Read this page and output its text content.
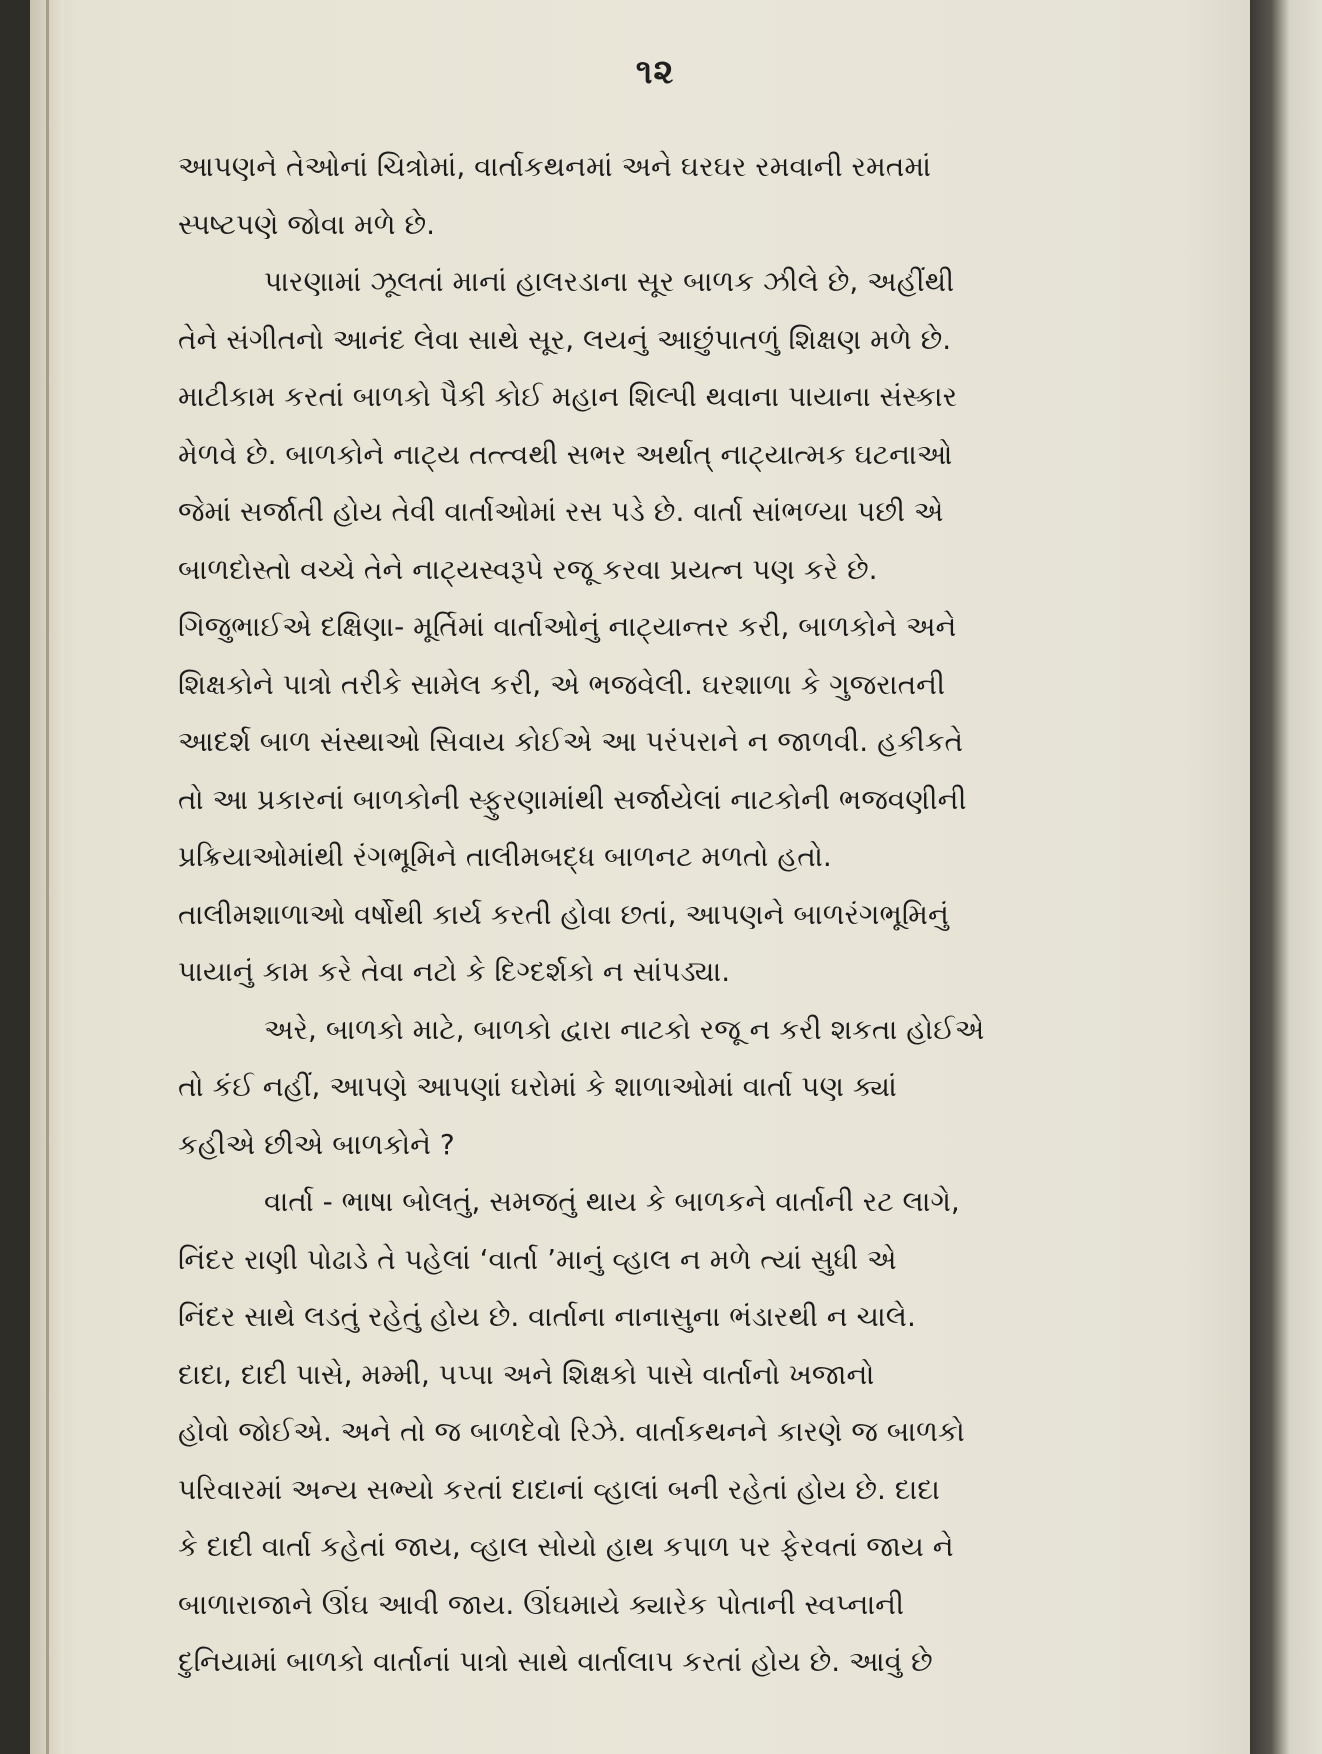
૧૨
આપણને તેઓનાં ચિત્રોમાં, વાર્તાકથનમાં અને ઘરઘર રમવાની રમતમાં
સ્પષ્ટપણે જોવા મળે છે.
પારણામાં ઝૂલતાં માનાં હાલરડાના સૂર બાળક ઝીલે છે, અહીંથી
તેને સંગીતનો આનંદ લેવા સાથે સૂર, લયનું આછુંપાતળું શિક્ષણ મળે છે.
માટીકામ કરતાં બાળકો પૈકી કોઈ મહાન શિલ્પી થવાના પાયાના સંસ્કાર
મેળવે છે. બાળકોને નાટ્ય તત્ત્વથી સભર અર્થાત્ નાટ્યાત્મક ઘટનાઓ
જેમાં સર્જાતી હોય તેવી વાર્તાઓમાં રસ પડે છે. વાર્તા સાંભળ્યા પછી એ
બાળદોસ્તો વચ્ચે તેને નાટ્યસ્વરૂપે રજૂ કરવા પ્રયત્ન પણ કરે છે.
ગિજુભાઈએ દક્ષિણા- મૂર્તિમાં વાર્તાઓનું નાટ્યાન્તર કરી, બાળકોને અને
શિક્ષકોને પાત્રો તરીકે સામેલ કરી, એ ભજવેલી. ઘરશાળા કે ગુજરાતની
આદર્શ બાળ સંસ્થાઓ સિવાય કોઈએ આ પરંપરાને ન જાળવી. હકીકતે
તો આ પ્રકારનાં બાળકોની સ્ફુરણામાંથી સર્જાયેલાં નાટકોની ભજવણીની
પ્રક્રિયાઓમાંથી રંગભૂમિને તાલીમબદ્ધ બાળનટ મળતો હતો.
તાલીમશાળાઓ વર્ષોથી કાર્ય કરતી હોવા છતાં, આપણને બાળરંગભૂમિનું
પાયાનું કામ કરે તેવા નટો કે દિગ્દર્શકો ન સાંપડ્યા.
અરે, બાળકો માટે, બાળકો દ્વારા નાટકો રજૂ ન કરી શકતા હોઈએ
તો કંઈ નહીં, આપણે આપણાં ઘરોમાં કે શાળાઓમાં વાર્તા પણ ક્યાં
કહીએ છીએ બાળકોને ?
વાર્તા - ભાષા બોલતું, સમજતું થાય કે બાળકને વાર્તાની રટ લાગે,
નિંદર રાણી પોઢાડે તે પહેલાં ‘વાર્તા ’માનું વ્હાલ ન મળે ત્યાં સુધી એ
નિંદર સાથે લડતું રહેતું હોય છે. વાર્તાના નાનાસુના ભંડારથી ન ચાલે.
દાદા, દાદી પાસે, મમ્મી, પપ્પા અને શિક્ષકો પાસે વાર્તાનો ખજાનો
હોવો જોઈએ. અને તો જ બાળદેવો રિઝે. વાર્તાકથનને કારણે જ બાળકો
પરિવારમાં અન્ય સભ્યો કરતાં દાદાનાં વ્હાલાં બની રહેતાં હોય છે. દાદા
કે દાદી વાર્તા કહેતાં જાય, વ્હાલ સોયો હાથ કપાળ પર ફેરવતાં જાય ને
બાળારાજાને ઊંઘ આવી જાય. ઊંઘમાયે ક્યારેક પોતાની સ્વપ્નાની
દુનિયામાં બાળકો વાર્તાનાં પાત્રો સાથે વાર્તાલાપ કરતાં હોય છે. આવું છે
